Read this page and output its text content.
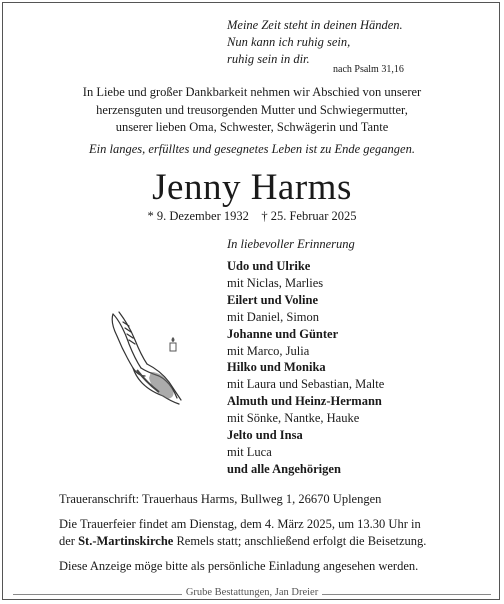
Meine Zeit steht in deinen Händen.
Nun kann ich ruhig sein,
ruhig sein in dir.
nach Psalm 31,16
In Liebe und großer Dankbarkeit nehmen wir Abschied von unserer
herzensguten und treusorgenden Mutter und Schwiegermutter,
unserer lieben Oma, Schwester, Schwägerin und Tante
Ein langes, erfülltes und gesegnetes Leben ist zu Ende gegangen.
Jenny Harms
* 9. Dezember 1932    † 25. Februar 2025
In liebevoller Erinnerung
Udo und Ulrike
mit Niclas, Marlies
Eilert und Voline
mit Daniel, Simon
Johanne und Günter
mit Marco, Julia
Hilko und Monika
mit Laura und Sebastian, Malte
Almuth und Heinz-Hermann
mit Sönke, Nantke, Hauke
Jelto und Insa
mit Luca
und alle Angehörigen
Traueranschrift: Trauerhaus Harms, Bullweg 1, 26670 Uplengen
Die Trauerfeier findet am Dienstag, dem 4. März 2025, um 13.30 Uhr in
der St.-Martinskirche Remels statt; anschließend erfolgt die Beisetzung.
Diese Anzeige möge bitte als persönliche Einladung angesehen werden.
Grube Bestattungen, Jan Dreier
